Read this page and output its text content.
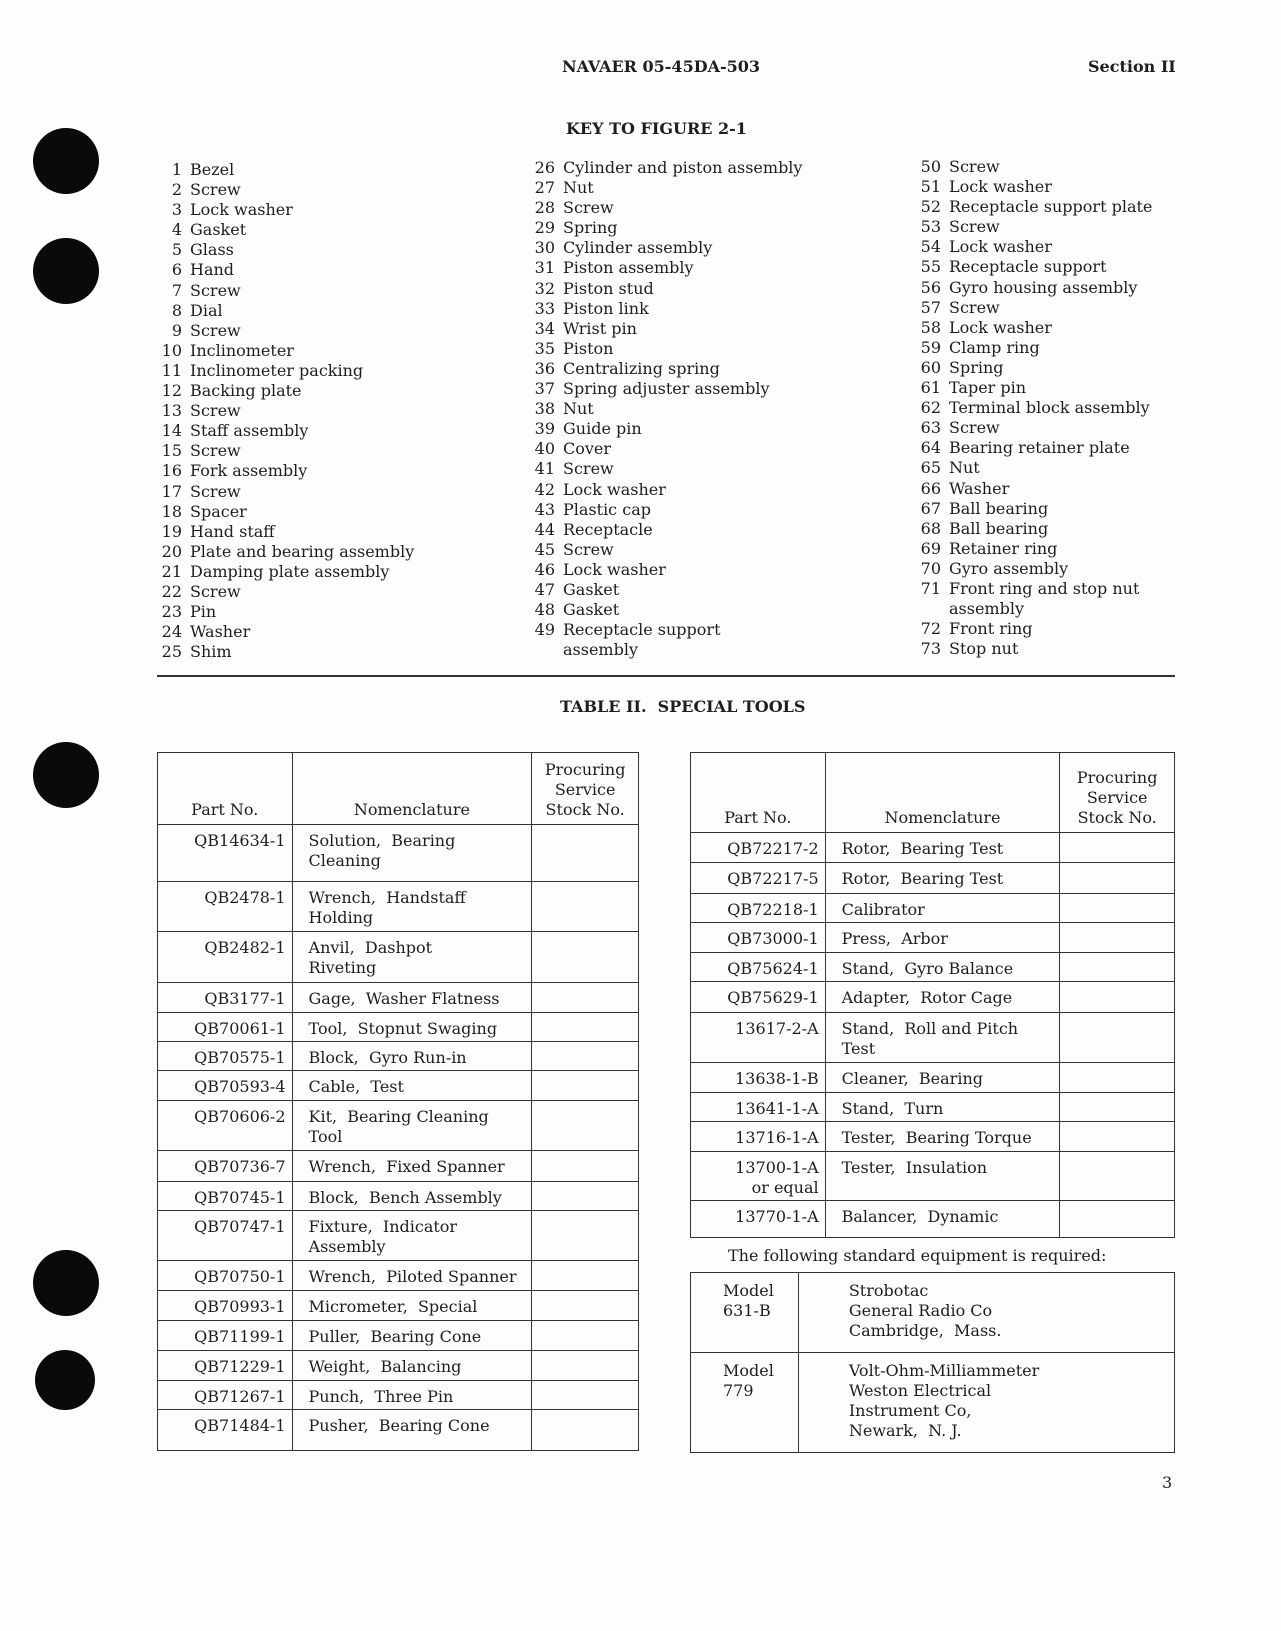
NAVAER 05-45DA-503	Section II
KEY TO FIGURE 2-1
1 Bezel
2 Screw
3 Lock washer
4 Gasket
5 Glass
6 Hand
7 Screw
8 Dial
9 Screw
10 Inclinometer
11 Inclinometer packing
12 Backing plate
13 Screw
14 Staff assembly
15 Screw
16 Fork assembly
17 Screw
18 Spacer
19 Hand staff
20 Plate and bearing assembly
21 Damping plate assembly
22 Screw
23 Pin
24 Washer
25 Shim
26 Cylinder and piston assembly
27 Nut
28 Screw
29 Spring
30 Cylinder assembly
31 Piston assembly
32 Piston stud
33 Piston link
34 Wrist pin
35 Piston
36 Centralizing spring
37 Spring adjuster assembly
38 Nut
39 Guide pin
40 Cover
41 Screw
42 Lock washer
43 Plastic cap
44 Receptacle
45 Screw
46 Lock washer
47 Gasket
48 Gasket
49 Receptacle support
assembly
50 Screw
51 Lock washer
52 Receptacle support plate
53 Screw
54 Lock washer
55 Receptacle support
56 Gyro housing assembly
57 Screw
58 Lock washer
59 Clamp ring
60 Spring
61 Taper pin
62 Terminal block assembly
63 Screw
64 Bearing retainer plate
65 Nut
66 Washer
67 Ball bearing
68 Ball bearing
69 Retainer ring
70 Gyro assembly
71 Front ring and stop nut
assembly
72 Front ring
73 Stop nut
TABLE II.  SPECIAL TOOLS
Part No.	Nomenclature	Procuring
Service
Stock No.
QB14634-1	Solution,  Bearing
Cleaning	
QB2478-1	Wrench,  Handstaff
Holding	
QB2482-1	Anvil,  Dashpot
Riveting	
QB3177-1	Gage,  Washer Flatness	
QB70061-1	Tool,  Stopnut Swaging	
QB70575-1	Block,  Gyro Run-in	
QB70593-4	Cable,  Test	
QB70606-2	Kit,  Bearing Cleaning
Tool	
QB70736-7	Wrench,  Fixed Spanner	
QB70745-1	Block,  Bench Assembly	
QB70747-1	Fixture,  Indicator
Assembly	
QB70750-1	Wrench,  Piloted Spanner	
QB70993-1	Micrometer,  Special	
QB71199-1	Puller,  Bearing Cone	
QB71229-1	Weight,  Balancing	
QB71267-1	Punch,  Three Pin	
QB71484-1	Pusher,  Bearing Cone	
Part No.	Nomenclature	Procuring
Service
Stock No.
QB72217-2	Rotor,  Bearing Test	
QB72217-5	Rotor,  Bearing Test	
QB72218-1	Calibrator	
QB73000-1	Press,  Arbor	
QB75624-1	Stand,  Gyro Balance	
QB75629-1	Adapter,  Rotor Cage	
13617-2-A	Stand,  Roll and Pitch
Test	
13638-1-B	Cleaner,  Bearing	
13641-1-A	Stand,  Turn	
13716-1-A	Tester,  Bearing Torque	
13700-1-A
or equal	Tester,  Insulation	
13770-1-A	Balancer,  Dynamic	
The following standard equipment is required:
Model
631-B	Strobotac
General Radio Co
Cambridge,  Mass.
Model
779	Volt-Ohm-Milliammeter
Weston Electrical
Instrument Co,
Newark,  N. J.
3
